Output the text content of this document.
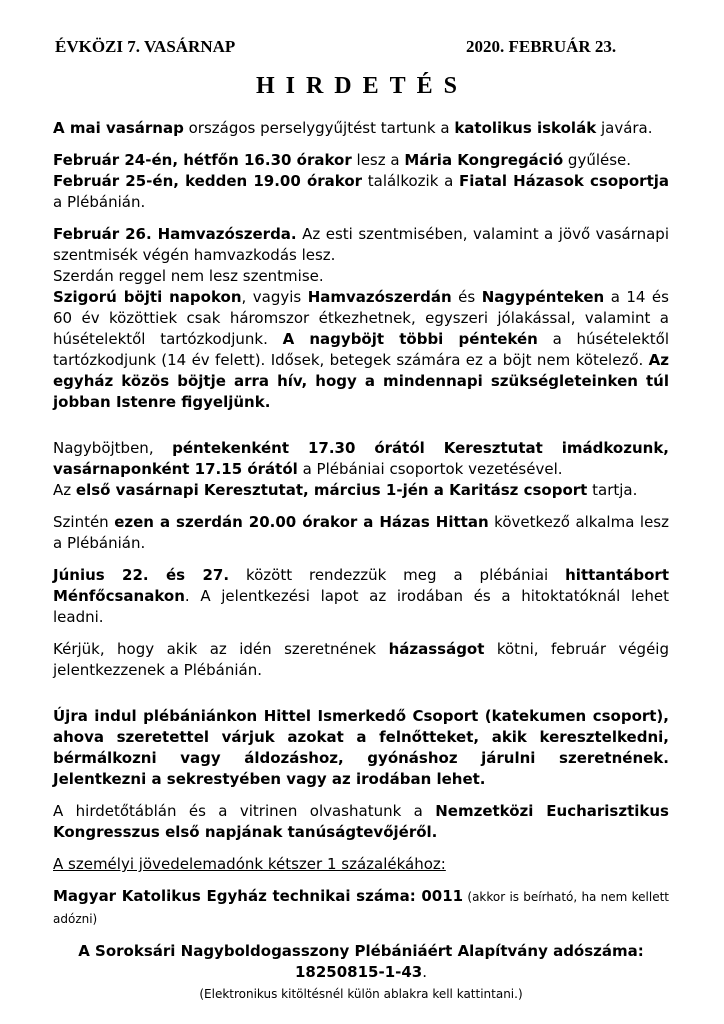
ÉVKÖZI 7. VASÁRNAP	2020. FEBRUÁR 23.
HIRDETÉS

A mai vasárnap országos perselygyűjtést tartunk a katolikus iskolák javára.

Február 24-én, hétfőn 16.30 órakor lesz a Mária Kongregáció gyűlése.

Február 25-én, kedden 19.00 órakor találkozik a Fiatal Házasok csoportja a Plébánián.

Február 26. Hamvazószerda. Az esti szentmisében, valamint a jövő vasárnapi szentmisék végén hamvazkodás lesz.

Szerdán reggel nem lesz szentmise.

Szigorú böjti napokon, vagyis Hamvazószerdán és Nagypénteken a 14 és 60 év közöttiek csak háromszor étkezhetnek, egyszeri jólakással, valamint a húsételektől tartózkodjunk. A nagyböjt többi péntekén a húsételektől tartózkodjunk (14 év felett). Idősek, betegek számára ez a böjt nem kötelező. Az egyház közös böjtje arra hív, hogy a mindennapi szükségleteinken túl jobban Istenre figyeljünk.

Nagyböjtben, péntekenként 17.30 órától Keresztutat imádkozunk, vasárnaponként 17.15 órától a Plébániai csoportok vezetésével.

Az első vasárnapi Keresztutat, március 1-jén a Karitász csoport tartja.

Szintén ezen a szerdán 20.00 órakor a Házas Hittan következő alkalma lesz a Plébánián.

Június 22. és 27. között rendezzük meg a plébániai hittantábort Ménfőcsanakon. A jelentkezési lapot az irodában és a hitoktatóknál lehet leadni.

Kérjük, hogy akik az idén szeretnének házasságot kötni, február végéig jelentkezzenek a Plébánián.

Újra indul plébániánkon Hittel Ismerkedő Csoport (katekumen csoport), ahova szeretettel várjuk azokat a felnőtteket, akik keresztelkedni, bérmálkozni vagy áldozáshoz, gyónáshoz járulni szeretnének. Jelentkezni a sekrestyében vagy az irodában lehet.

A hirdetőtáblán és a vitrinen olvashatunk a Nemzetközi Eucharisztikus Kongresszus első napjának tanúságtevőjéről.

A személyi jövedelemadónk kétszer 1 százalékához:

Magyar Katolikus Egyház technikai száma: 0011 (akkor is beírható, ha nem kellett adózni)

A Soroksári Nagyboldogasszony Plébániáért Alapítvány adószáma:

18250815-1-43.

(Elektronikus kitöltésnél külön ablakra kell kattintani.)
